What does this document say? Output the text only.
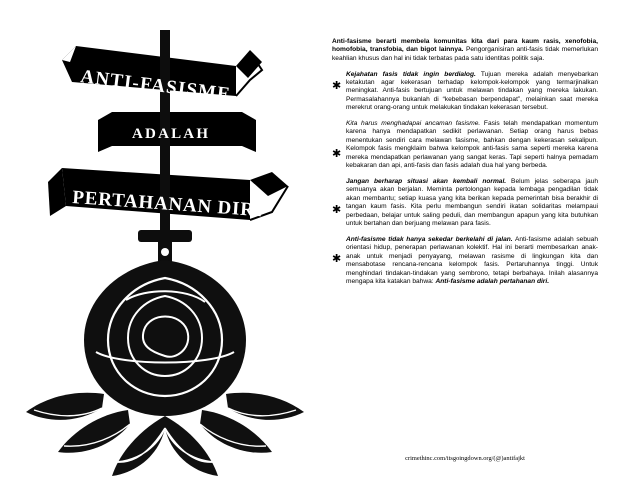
ANTI-FASISME
ADALAH
PERTAHANAN DIRI

Anti-fasisme berarti membela komunitas kita dari para kaum rasis, xenofobia, homofobia, transfobia, dan bigot lainnya. Pengorganisiran anti-fasis tidak memerlukan keahlian khusus dan hal ini tidak terbatas pada satu identitas politik saja.

✱
Kejahatan fasis tidak ingin berdialog. Tujuan mereka adalah menyebarkan ketakutan agar kekerasan terhadap kelompok-kelompok yang termarjinalkan meningkat. Anti-fasis bertujuan untuk melawan tindakan yang mereka lakukan. Permasalahannya bukanlah di “kebebasan berpendapat”, melainkan saat mereka merekrut orang-orang untuk melakukan tindakan kekerasan tersebut.

✱
Kita harus menghadapai ancaman fasisme. Fasis telah mendapatkan momentum karena hanya mendapatkan sedikit perlawanan. Setiap orang harus bebas menentukan sendiri cara melawan fasisme, bahkan dengan kekerasan sekalipun. Kelompok fasis mengklaim bahwa kelompok anti-fasis sama seperti mereka karena mereka mendapatkan perlawanan yang sangat keras. Tapi seperti halnya pemadam kebakaran dan api, anti-fasis dan fasis adalah dua hal yang berbeda.

✱
Jangan berharap situasi akan kembali normal. Belum jelas seberapa jauh semuanya akan berjalan. Meminta pertolongan kepada lembaga pengadilan tidak akan membantu; setiap kuasa yang kita berikan kepada pemerintah bisa berakhir di tangan kaum fasis. Kita perlu membangun sendiri ikatan solidaritas melampaui perbedaan, belajar untuk saling peduli, dan membangun apapun yang kita butuhkan untuk bertahan dan berjuang melawan para fasis.

✱
Anti-fasisme tidak hanya sekedar berkelahi di jalan. Anti-fasisme adalah sebuah orientasi hidup, penerapan perlawanan kolektif. Hal ini berarti membesarkan anak-anak untuk menjadi penyayang, melawan rasisme di lingkungan kita dan mensabotase rencana-rencana kelompok fasis. Pertaruhannya tinggi. Untuk menghindari tindakan-tindakan yang sembrono, tetapi berbahaya. Inilah alasannya mengapa kita katakan bahwa: Anti-fasisme adalah pertahanan diri.

crimethinc.com/itsgoingdown.org/(@)antifajkt
